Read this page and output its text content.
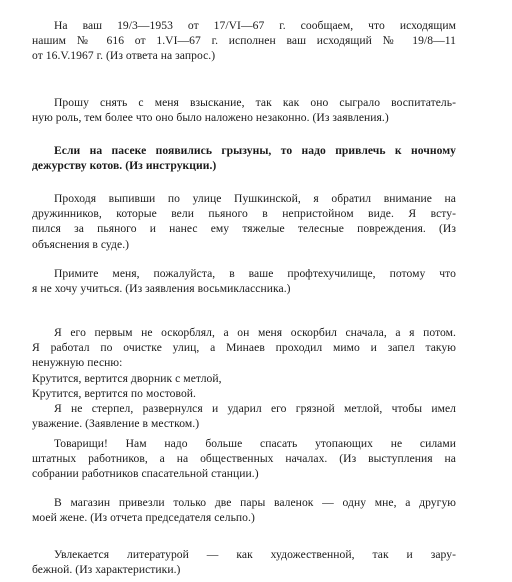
На ваш 19/3—1953 от 17/VI—67 г. сообщаем, что исходящим
нашим № 616 от 1.VI—67 г. исполнен ваш исходящий № 19/8—11
от 16.V.1967 г. (Из ответа на запрос.)

Прошу снять с меня взыскание, так как оно сыграло воспитатель-
ную роль, тем более что оно было наложено незаконно. (Из заявления.)

Если на пасеке появились грызуны, то надо привлечь к ночному
дежурству котов. (Из инструкции.)

Проходя выпивши по улице Пушкинской, я обратил внимание на
дружинников, которые вели пьяного в непристойном виде. Я всту-
пился за пьяного и нанес ему тяжелые телесные повреждения. (Из
объяснения в суде.)

Примите меня, пожалуйста, в ваше профтехучилище, потому что
я не хочу учиться. (Из заявления восьмиклассника.)

Я его первым не оскорблял, а он меня оскорбил сначала, а я потом.
Я работал по очистке улиц, а Минаев проходил мимо и запел такую
ненужную песню:
Крутится, вертится дворник с метлой,
Крутится, вертится по мостовой.
Я не стерпел, развернулся и ударил его грязной метлой, чтобы имел
уважение. (Заявление в местком.)

Товарищи! Нам надо больше спасать утопающих не силами
штатных работников, а на общественных началах. (Из выступления на
собрании работников спасательной станции.)

В магазин привезли только две пары валенок — одну мне, а другую
моей жене. (Из отчета председателя сельпо.)

Увлекается литературой — как художественной, так и зару-
бежной. (Из характеристики.)
